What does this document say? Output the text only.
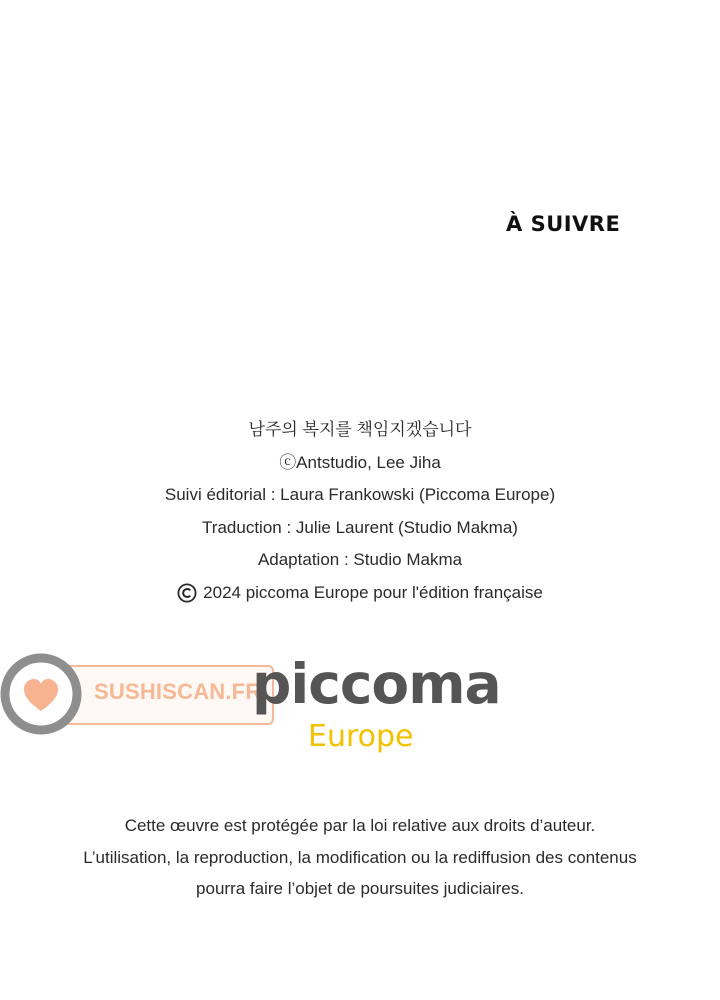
À SUIVRE
남주의 복지를 책임지겠습니다
ⓒAntstudio, Lee Jiha
Suivi éditorial : Laura Frankowski (Piccoma Europe)
Traduction : Julie Laurent (Studio Makma)
Adaptation : Studio Makma
2024 piccoma Europe pour l'édition française
SUSHISCAN.FR
piccoma
Europe
Cette œuvre est protégée par la loi relative aux droits d’auteur.
L’utilisation, la reproduction, la modification ou la rediffusion des contenus
pourra faire l’objet de poursuites judiciaires.
